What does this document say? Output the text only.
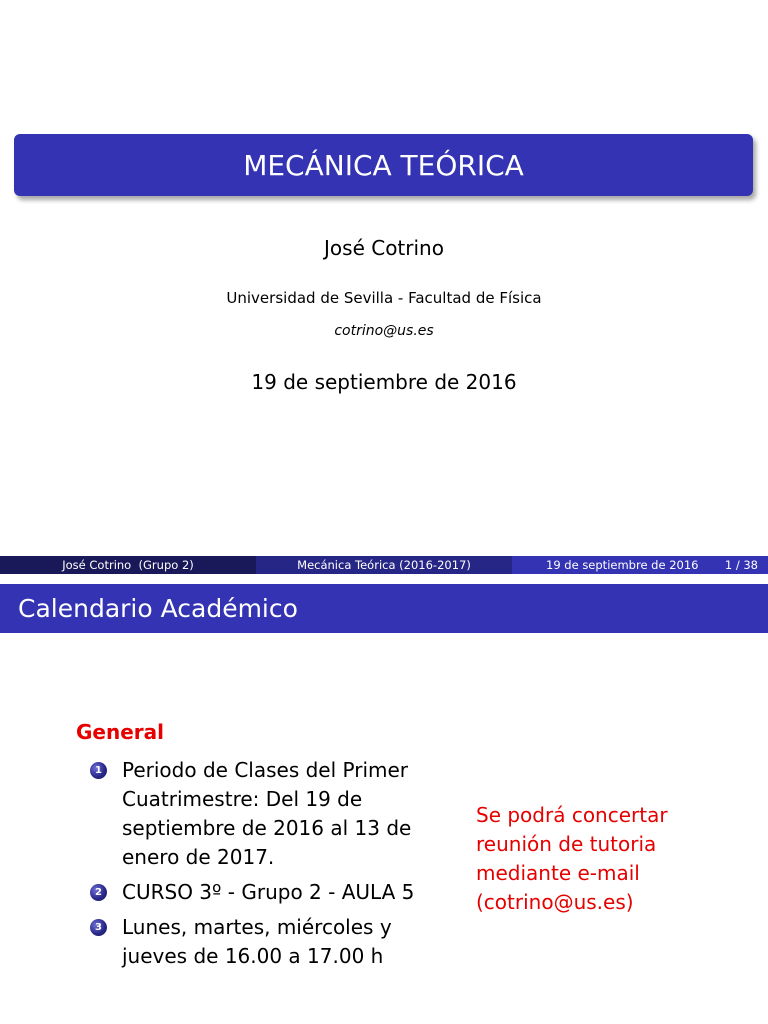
MECÁNICA TEÓRICA
José Cotrino
Universidad de Sevilla - Facultad de Física
cotrino@us.es
19 de septiembre de 2016
José Cotrino  (Grupo 2)	Mecánica Teórica (2016-2017)	19 de septiembre de 2016 1 / 38
Calendario Académico
General
1 Periodo de Clases del Primer Cuatrimestre: Del 19 de septiembre de 2016 al 13 de enero de 2017.
2 CURSO 3º - Grupo 2 - AULA 5
3 Lunes, martes, miércoles y jueves de 16.00 a 17.00 h
Se podrá concertar reunión de tutoria mediante e-mail (cotrino@us.es)
